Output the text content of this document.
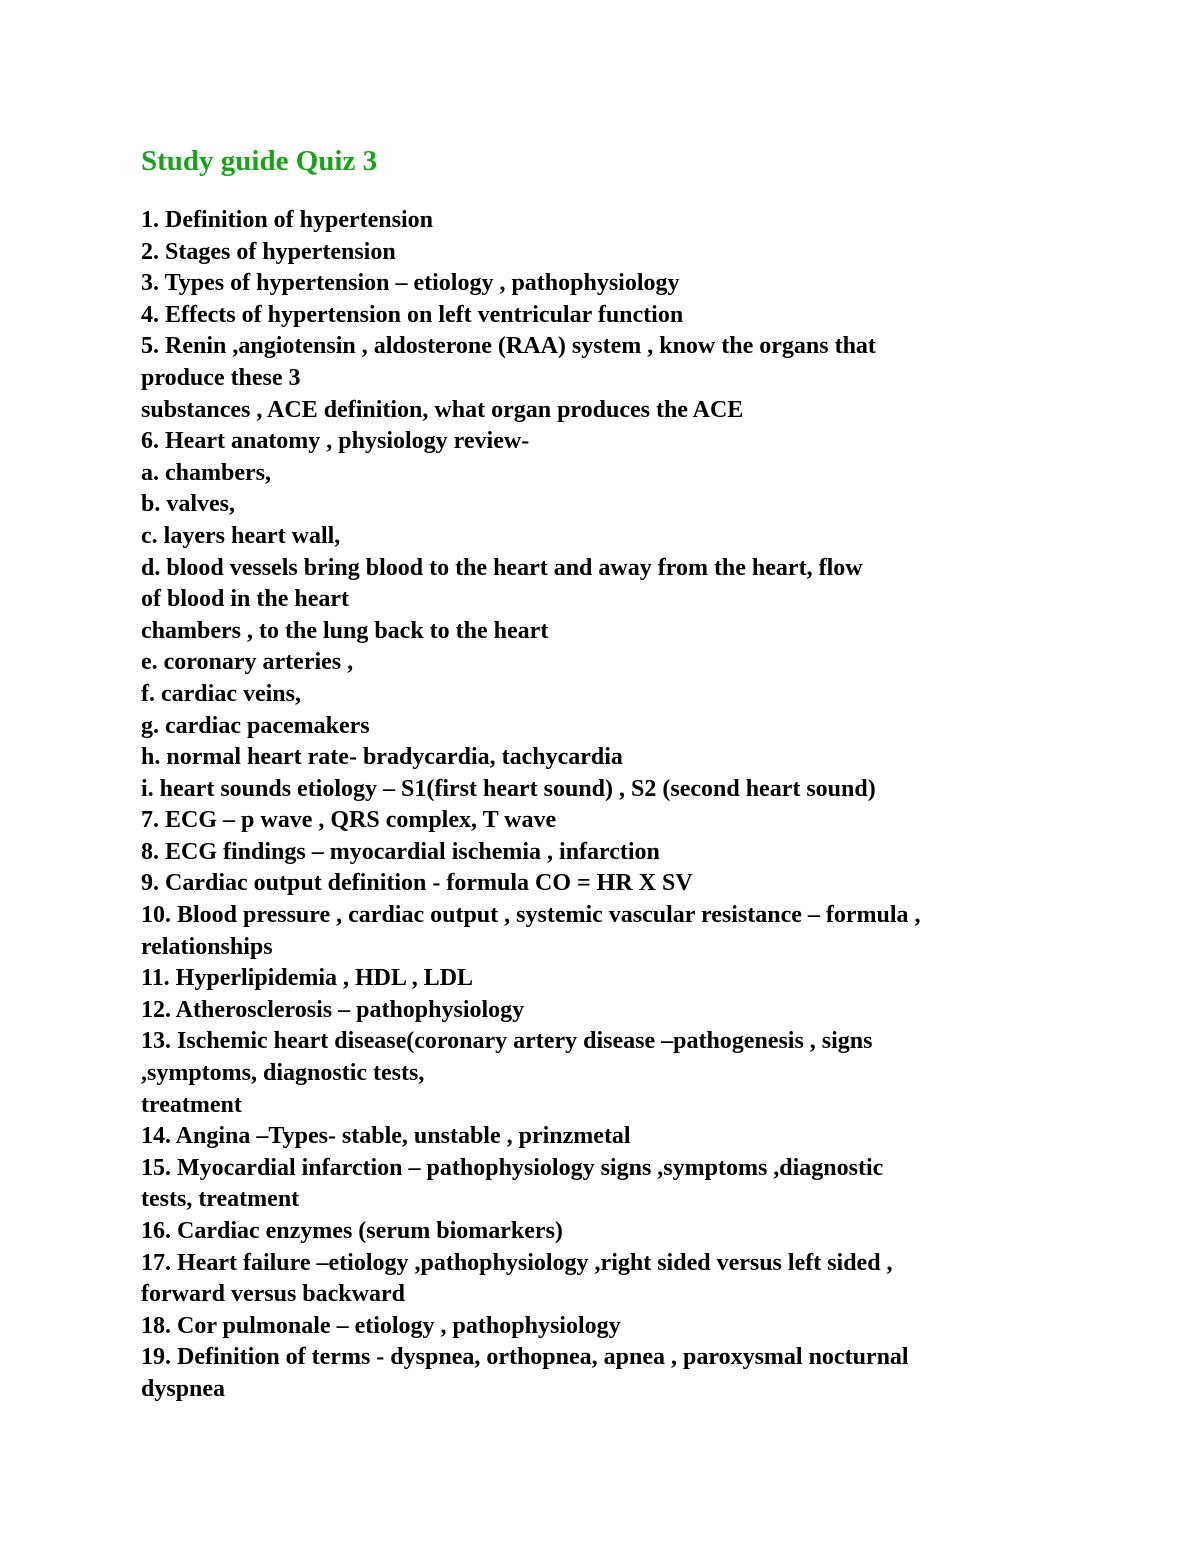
Study guide Quiz 3
1. Definition of hypertension
2. Stages of hypertension
3. Types of hypertension – etiology , pathophysiology
4. Effects of hypertension on left ventricular function
5. Renin ,angiotensin , aldosterone (RAA) system , know the organs that
produce these 3
substances , ACE definition, what organ produces the ACE
6. Heart anatomy , physiology review-
a. chambers,
b. valves,
c. layers heart wall,
d. blood vessels bring blood to the heart and away from the heart, flow
of blood in the heart
chambers , to the lung back to the heart
e. coronary arteries ,
f. cardiac veins,
g. cardiac pacemakers
h. normal heart rate- bradycardia, tachycardia
i. heart sounds etiology – S1(first heart sound) , S2 (second heart sound)
7. ECG – p wave , QRS complex, T wave
8. ECG findings – myocardial ischemia , infarction
9. Cardiac output definition - formula CO = HR X SV
10. Blood pressure , cardiac output , systemic vascular resistance – formula ,
relationships
11. Hyperlipidemia , HDL , LDL
12. Atherosclerosis – pathophysiology
13. Ischemic heart disease(coronary artery disease –pathogenesis , signs
,symptoms, diagnostic tests,
treatment
14. Angina –Types- stable, unstable , prinzmetal
15. Myocardial infarction – pathophysiology signs ,symptoms ,diagnostic
tests, treatment
16. Cardiac enzymes (serum biomarkers)
17. Heart failure –etiology ,pathophysiology ,right sided versus left sided ,
forward versus backward
18. Cor pulmonale – etiology , pathophysiology
19. Definition of terms - dyspnea, orthopnea, apnea , paroxysmal nocturnal
dyspnea
